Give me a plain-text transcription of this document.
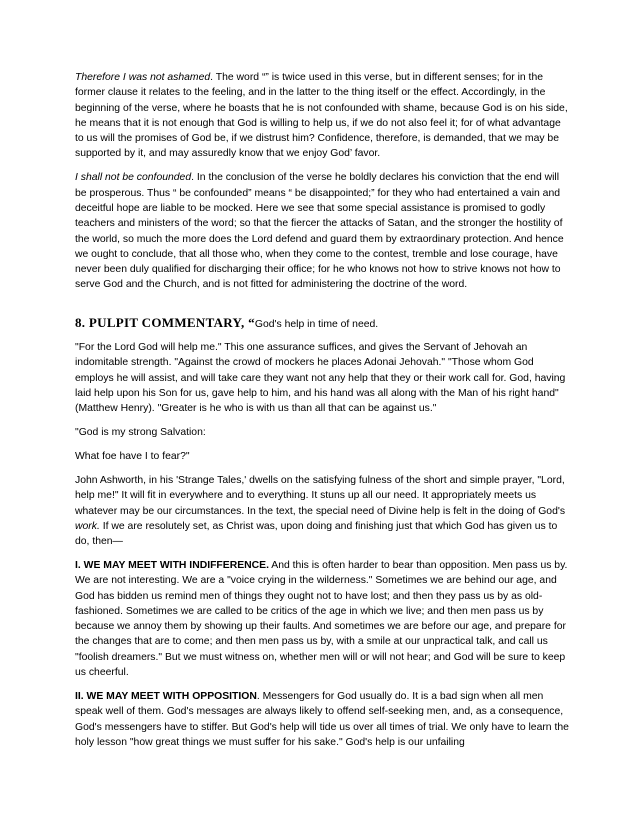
Therefore I was not ashamed. The word “” is twice used in this verse, but in different senses; for in the former clause it relates to the feeling, and in the latter to the thing itself or the effect. Accordingly, in the beginning of the verse, where he boasts that he is not confounded with shame, because God is on his side, he means that it is not enough that God is willing to help us, if we do not also feel it; for of what advantage to us will the promises of God be, if we distrust him? Confidence, therefore, is demanded, that we may be supported by it, and may assuredly know that we enjoy God’ favor.

I shall not be confounded. In the conclusion of the verse he boldly declares his conviction that the end will be prosperous. Thus “ be confounded” means “ be disappointed;” for they who had entertained a vain and deceitful hope are liable to be mocked. Here we see that some special assistance is promised to godly teachers and ministers of the word; so that the fiercer the attacks of Satan, and the stronger the hostility of the world, so much the more does the Lord defend and guard them by extraordinary protection. And hence we ought to conclude, that all those who, when they come to the contest, tremble and lose courage, have never been duly qualified for discharging their office; for he who knows not how to strive knows not how to serve God and the Church, and is not fitted for administering the doctrine of the word.

8. PULPIT COMMENTARY, “God's help in time of need.

"For the Lord God will help me." This one assurance suffices, and gives the Servant of Jehovah an indomitable strength. "Against the crowd of mockers he places Adonai Jehovah." "Those whom God employs he will assist, and will take care they want not any help that they or their work call for. God, having laid help upon his Son for us, gave help to him, and his hand was all along with the Man of his right hand" (Matthew Henry). "Greater is he who is with us than all that can be against us."

"God is my strong Salvation:

What foe have I to fear?"

John Ashworth, in his 'Strange Tales,' dwells on the satisfying fulness of the short and simple prayer, "Lord, help me!" It will fit in everywhere and to everything. It stuns up all our need. It appropriately meets us whatever may be our circumstances. In the text, the special need of Divine help is felt in the doing of God's work. If we are resolutely set, as Christ was, upon doing and finishing just that which God has given us to do, then—

I. WE MAY MEET WITH INDIFFERENCE. And this is often harder to bear than opposition. Men pass us by. We are not interesting. We are a "voice crying in the wilderness." Sometimes we are behind our age, and God has bidden us remind men of things they ought not to have lost; and then they pass us by as old-fashioned. Sometimes we are called to be critics of the age in which we live; and then men pass us by because we annoy them by showing up their faults. And sometimes we are before our age, and prepare for the changes that are to come; and then men pass us by, with a smile at our unpractical talk, and call us "foolish dreamers." But we must witness on, whether men will or will not hear; and God will be sure to keep us cheerful.

II. WE MAY MEET WITH OPPOSITION. Messengers for God usually do. It is a bad sign when all men speak well of them. God's messages are always likely to offend self-seeking men, and, as a consequence, God's messengers have to stiffer. But God's help will tide us over all times of trial. We only have to learn the holy lesson "how great things we must suffer for his sake." God's help is our unfailing
